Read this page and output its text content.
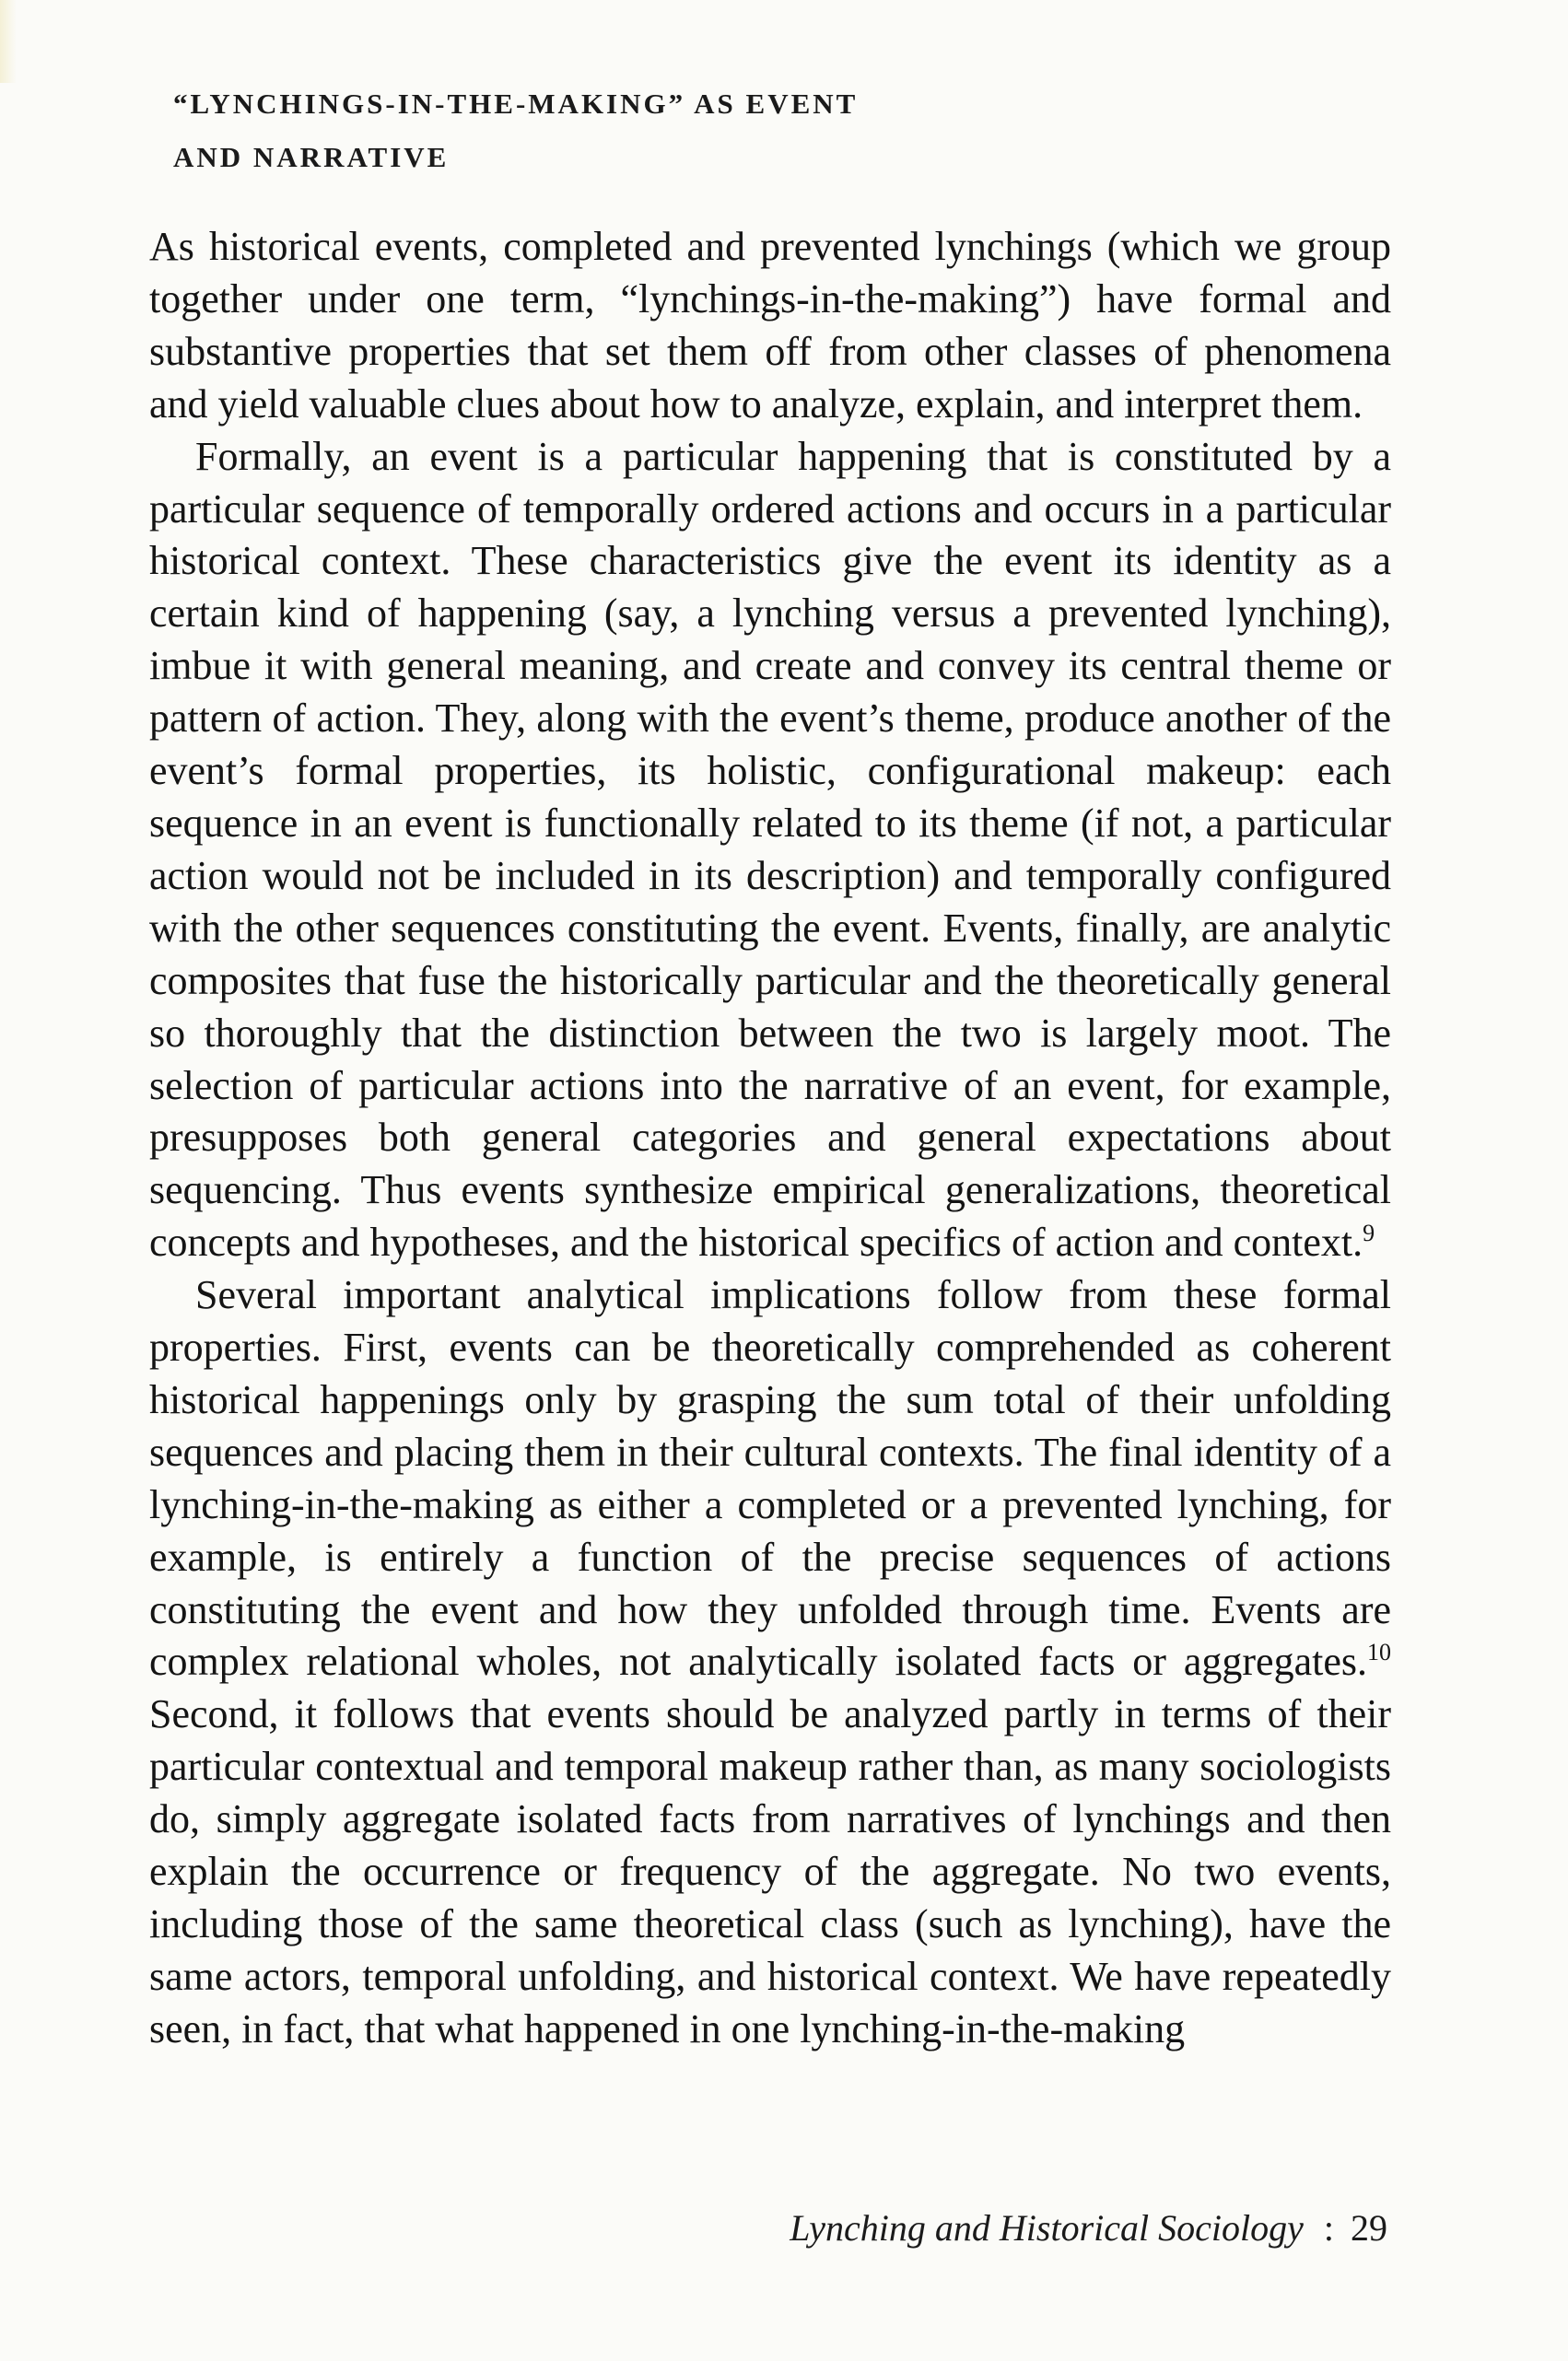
“LYNCHINGS-IN-THE-MAKING” AS EVENT
AND NARRATIVE

As historical events, completed and prevented lynchings (which we group together under one term, “lynchings-in-the-making”) have formal and substantive properties that set them off from other classes of phenomena and yield valuable clues about how to analyze, explain, and interpret them.

Formally, an event is a particular happening that is constituted by a particular sequence of temporally ordered actions and occurs in a particular historical context. These characteristics give the event its identity as a certain kind of happening (say, a lynching versus a prevented lynching), imbue it with general meaning, and create and convey its central theme or pattern of action. They, along with the event’s theme, produce another of the event’s formal properties, its holistic, configurational makeup: each sequence in an event is functionally related to its theme (if not, a particular action would not be included in its description) and temporally configured with the other sequences constituting the event. Events, finally, are analytic composites that fuse the historically particular and the theoretically general so thoroughly that the distinction between the two is largely moot. The selection of particular actions into the narrative of an event, for example, presupposes both general categories and general expectations about sequencing. Thus events synthesize empirical generalizations, theoretical concepts and hypotheses, and the historical specifics of action and context.$^9$

Several important analytical implications follow from these formal properties. First, events can be theoretically comprehended as coherent historical happenings only by grasping the sum total of their unfolding sequences and placing them in their cultural contexts. The final identity of a lynching-in-the-making as either a completed or a prevented lynching, for example, is entirely a function of the precise sequences of actions constituting the event and how they unfolded through time. Events are complex relational wholes, not analytically isolated facts or aggregates.$^{10}$ Second, it follows that events should be analyzed partly in terms of their particular contextual and temporal makeup rather than, as many sociologists do, simply aggregate isolated facts from narratives of lynchings and then explain the occurrence or frequency of the aggregate. No two events, including those of the same theoretical class (such as lynching), have the same actors, temporal unfolding, and historical context. We have repeatedly seen, in fact, that what happened in one lynching-in-the-making

Lynching and Historical Sociology : 29
